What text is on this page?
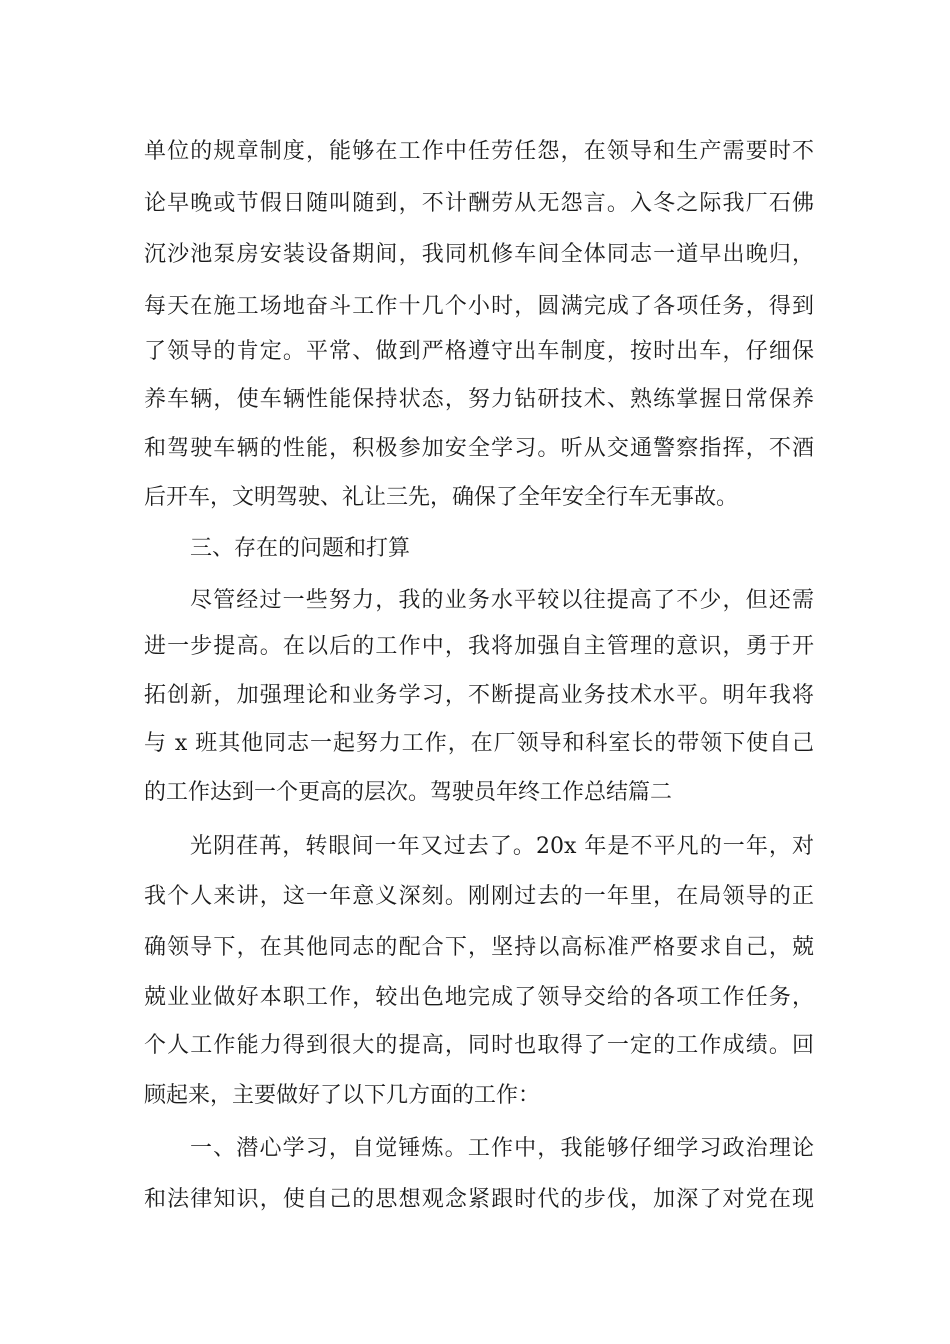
单位的规章制度，能够在工作中任劳任怨，在领导和生产需要时不
论早晚或节假日随叫随到，不计酬劳从无怨言。入冬之际我厂石佛
沉沙池泵房安装设备期间，我同机修车间全体同志一道早出晚归，
每天在施工场地奋斗工作十几个小时，圆满完成了各项任务，得到
了领导的肯定。平常、做到严格遵守出车制度，按时出车，仔细保
养车辆，使车辆性能保持状态，努力钻研技术、熟练掌握日常保养
和驾驶车辆的性能，积极参加安全学习。听从交通警察指挥，不酒
后开车，文明驾驶、礼让三先，确保了全年安全行车无事故。
三、存在的问题和打算
尽管经过一些努力，我的业务水平较以往提高了不少，但还需
进一步提高。在以后的工作中，我将加强自主管理的意识，勇于开
拓创新，加强理论和业务学习，不断提高业务技术水平。明年我将
与 x 班其他同志一起努力工作，在厂领导和科室长的带领下使自己
的工作达到一个更高的层次。驾驶员年终工作总结篇二
光阴荏苒，转眼间一年又过去了。20x 年是不平凡的一年，对
我个人来讲，这一年意义深刻。刚刚过去的一年里，在局领导的正
确领导下，在其他同志的配合下，坚持以高标准严格要求自己，兢
兢业业做好本职工作，较出色地完成了领导交给的各项工作任务，
个人工作能力得到很大的提高，同时也取得了一定的工作成绩。回
顾起来，主要做好了以下几方面的工作：
一、潜心学习，自觉锤炼。工作中，我能够仔细学习政治理论
和法律知识，使自己的思想观念紧跟时代的步伐，加深了对党在现
